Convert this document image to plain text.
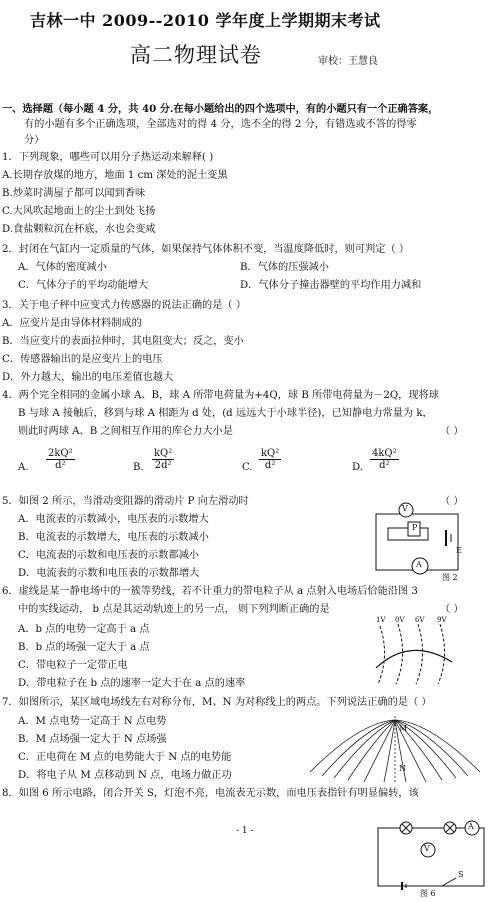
吉林一中 2009--2010 学年度上学期期末考试
高二物理试卷	审校：王慧良
一、选择题（每小题 4 分，共 40 分.在每小题给出的四个选项中，有的小题只有一个正确答案，
有的小题有多个正确选项，全部选对的得 4 分，选不全的得 2 分，有错选或不答的得零
分）
1．下列现象，哪些可以用分子热运动来解释( )
A.长期存放煤的地方，地面 1 cm 深处的泥土变黑
B.炒菜时满屋子都可以闻到香味
C.大风吹起地面上的尘土到处飞扬
D.食盐颗粒沉在杯底，水也会变咸
2．封闭在气缸内一定质量的气体，如果保持气体体积不变，当温度降低时，则可判定（ ）
A．气体的密度减小	B．气体的压强减小
C．气体分子的平均动能增大	D．气体分子撞击器壁的平均作用力减和
3．关于电子秤中应变式力传感器的说法正确的是（ ）
A．应变片是由导体材料制成的
B．当应变片的表面拉伸时，其电阻变大；反之，变小
C．传感器输出的是应变片上的电压
D．外力越大，输出的电压差值也越大
4．两个完全相同的金属小球 A、B，球 A 所带电荷量为+4Q，球 B 所带电荷量为－2Q，现将球
B 与球 A 接触后，移到与球 A 相距为 d 处，(d 远远大于小球半径)，已知静电力常量为 k，
则此时两球 A、B 之间相互作用的库仑力大小是	（ ）
A. $\frac{\text{2kQ²}}{\text{d²}}$	B. $\frac{\text{kQ²}}{\text{2d²}}$	C. $\frac{\text{kQ²}}{\text{d²}}$	D. $\frac{\text{4kQ²}}{\text{d²}}$
5．如图 2 所示，当滑动变阻器的滑动片 P 向左滑动时	（ ）
A．电流表的示数减小，电压表的示数增大
B．电流表的示数增大，电压表的示数减小
C．电流表的示数和电压表的示数都减小
D．电流表的示数和电压表的示数都增大
V
P
A
E
图 2
6．虚线是某一静电场中的一簇等势线，若不计重力的带电粒子从 a 点射入电场后恰能沿图 3
中的实线运动， b 点是其运动轨迹上的另一点， 则下列判断正确的是	（ ）
A．b 点的电势一定高于 a 点
B．b 点的场强一定大于 a 点
C．带电粒子一定带正电
D．带电粒子在 b 点的速率一定大于在 a 点的速率
1V 0V 6V 9V
7．如图所示，某区域电场线左右对称分布，M、N 为对称线上的两点。下列说法正确的是（ ）
A．M 点电势一定高于 N 点电势
B．M 点场强一定大于 N 点场强
C．正电荷在 M 点的电势能大于 N 点的电势能
D．将电子从 M 点移动到 N 点，电场力做正功
M
N
8．如图 6 所示电路，闭合开关 S，灯泡不亮，电流表无示数，而电压表指针有明显偏转，该
- 1 -
V
A
S
图 6
